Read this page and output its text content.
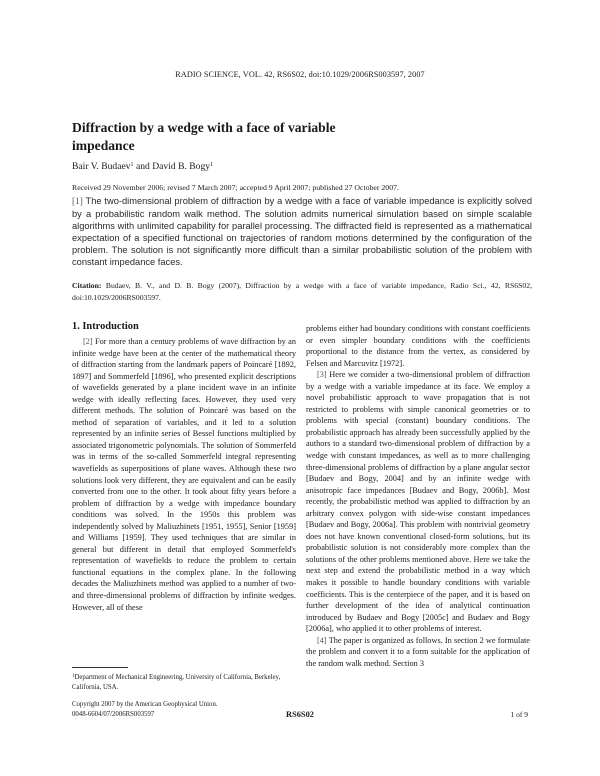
RADIO SCIENCE, VOL. 42, RS6S02, doi:10.1029/2006RS003597, 2007
Diffraction by a wedge with a face of variable
impedance
Bair V. Budaev$^1$ and David B. Bogy$^1$
Received 29 November 2006; revised 7 March 2007; accepted 9 April 2007; published 27 October 2007.
[1] The two-dimensional problem of diffraction by a wedge with a face of variable impedance is explicitly solved by a probabilistic random walk method. The solution admits numerical simulation based on simple scalable algorithms with unlimited capability for parallel processing. The diffracted field is represented as a mathematical expectation of a specified functional on trajectories of random motions determined by the configuration of the problem. The solution is not significantly more difficult than a similar probabilistic solution of the problem with constant impedance faces.
Citation: Budaev, B. V., and D. B. Bogy (2007), Diffraction by a wedge with a face of variable impedance, Radio Sci., 42, RS6S02, doi:10.1029/2006RS003597.
1. Introduction

[2] For more than a century problems of wave diffraction by an infinite wedge have been at the center of the mathematical theory of diffraction starting from the landmark papers of Poincaré [1892, 1897] and Sommerfeld [1896], who presented explicit descriptions of wavefields generated by a plane incident wave in an infinite wedge with ideally reflecting faces. However, they used very different methods. The solution of Poincaré was based on the method of separation of variables, and it led to a solution represented by an infinite series of Bessel functions multiplied by associated trigonometric polynomials. The solution of Sommerfeld was in terms of the so-called Sommerfeld integral representing wavefields as superpositions of plane waves. Although these two solutions look very different, they are equivalent and can be easily converted from one to the other. It took about fifty years before a problem of diffraction by a wedge with impedance boundary conditions was solved. In the 1950s this problem was independently solved by Maliuzhinets [1951, 1955], Senior [1959] and Williams [1959]. They used techniques that are similar in general but different in detail that employed Sommerfeld's representation of wavefields to reduce the problem to certain functional equations in the complex plane. In the following decades the Maliuzhinets method was applied to a number of two- and three-dimensional problems of diffraction by infinite wedges. However, all of these

problems either had boundary conditions with constant coefficients or even simpler boundary conditions with the coefficients proportional to the distance from the vertex, as considered by Felsen and Marcuvitz [1972].

[3] Here we consider a two-dimensional problem of diffraction by a wedge with a variable impedance at its face. We employ a novel probabilistic approach to wave propagation that is not restricted to problems with simple canonical geometries or to problems with special (constant) boundary conditions. The probabilistic approach has already been successfully applied by the authors to a standard two-dimensional problem of diffraction by a wedge with constant impedances, as well as to more challenging three-dimensional problems of diffraction by a plane angular sector [Budaev and Bogy, 2004] and by an infinite wedge with anisotropic face impedances [Budaev and Bogy, 2006b]. Most recently, the probabilistic method was applied to diffraction by an arbitrary convex polygon with side-wise constant impedances [Budaev and Bogy, 2006a]. This problem with nontrivial geometry does not have known conventional closed-form solutions, but its probabilistic solution is not considerably more complex than the solutions of the other problems mentioned above. Here we take the next step and extend the probabilistic method in a way which makes it possible to handle boundary conditions with variable coefficients. This is the centerpiece of the paper, and it is based on further development of the idea of analytical continuation introduced by Budaev and Bogy [2005c] and Budaev and Bogy [2006a], who applied it to other problems of interest.

[4] The paper is organized as follows. In section 2 we formulate the problem and convert it to a form suitable for the application of the random walk method. Section 3

$^1$Department of Mechanical Engineering, University of California, Berkeley, California, USA.
Copyright 2007 by the American Geophysical Union.
0048-6604/07/2006RS003597	RS6S02	1 of 9
